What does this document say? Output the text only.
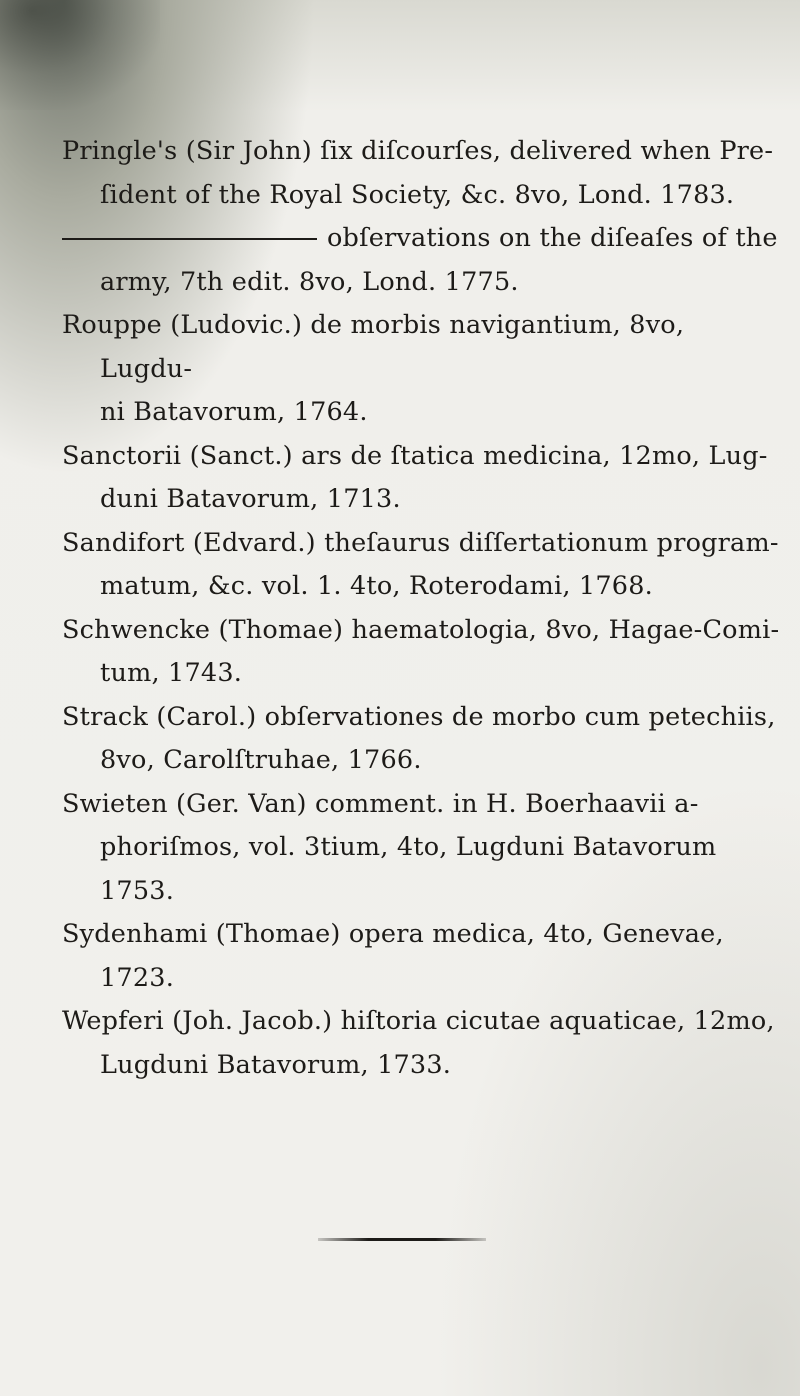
Pringle's (Sir John) ſix diſcourſes, delivered when Pre-
ſident of the Royal Society, &c. 8vo, Lond. 1783.

obſervations on the diſeaſes of the
army, 7th edit. 8vo, Lond. 1775.

Rouppe (Ludovic.) de morbis navigantium, 8vo, Lugdu-
ni Batavorum, 1764.

Sanctorii (Sanct.) ars de ſtatica medicina, 12mo, Lug-
duni Batavorum, 1713.

Sandifort (Edvard.) theſaurus diſſertationum program-
matum, &c. vol. 1. 4to, Roterodami, 1768.

Schwencke (Thomae) haematologia, 8vo, Hagae-Comi-
tum, 1743.

Strack (Carol.) obſervationes de morbo cum petechiis,
8vo, Carolſtruhae, 1766.

Swieten (Ger. Van) comment. in H. Boerhaavii a-
phoriſmos, vol. 3tium, 4to, Lugduni Batavorum
1753.

Sydenhami (Thomae) opera medica, 4to, Genevae,
1723.

Wepferi (Joh. Jacob.) hiſtoria cicutae aquaticae, 12mo,
Lugduni Batavorum, 1733.
